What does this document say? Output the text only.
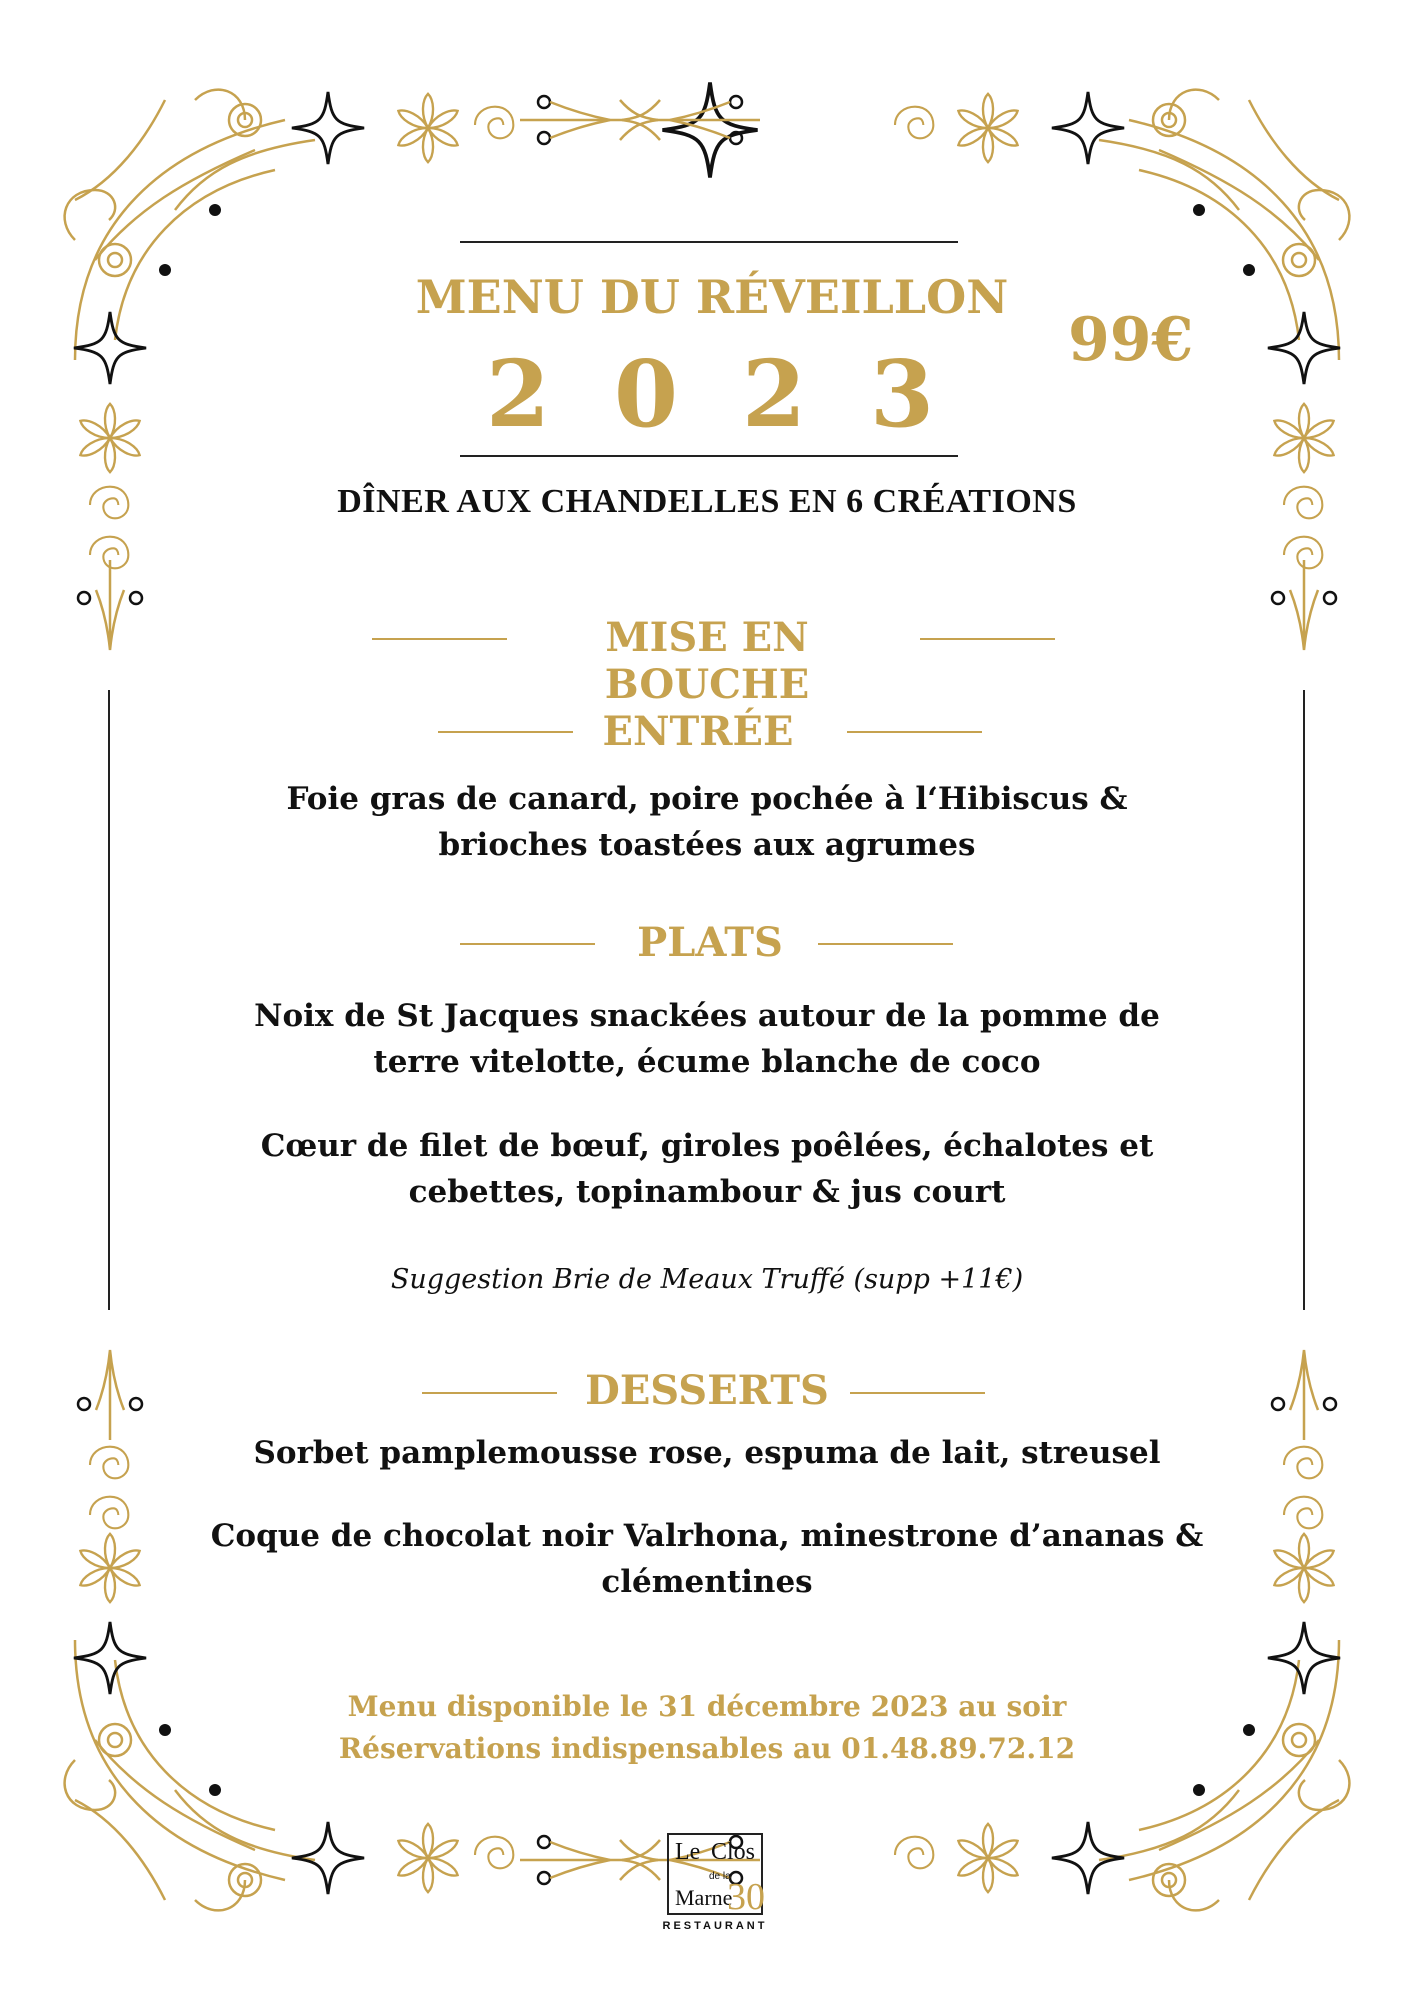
MENU DU RÉVEILLON
2023	99€
DÎNER AUX CHANDELLES EN 6 CRÉATIONS
MISE EN BOUCHE
ENTRÉE
Foie gras de canard, poire pochée à l‘Hibiscus & brioches toastées aux agrumes
PLATS
Noix de St Jacques snackées autour de la pomme de terre vitelotte, écume blanche de coco
Cœur de filet de bœuf, giroles poêlées, échalotes et cebettes, topinambour & jus court
Suggestion Brie de Meaux Truffé (supp +11€)
DESSERTS
Sorbet pamplemousse rose, espuma de lait, streusel
Coque de chocolat noir Valrhona, minestrone d’ananas & clémentines
Menu disponible le 31 décembre 2023 au soir
Réservations indispensables au 01.48.89.72.12
Le Clos
de la
Marne
30
RESTAURANT
